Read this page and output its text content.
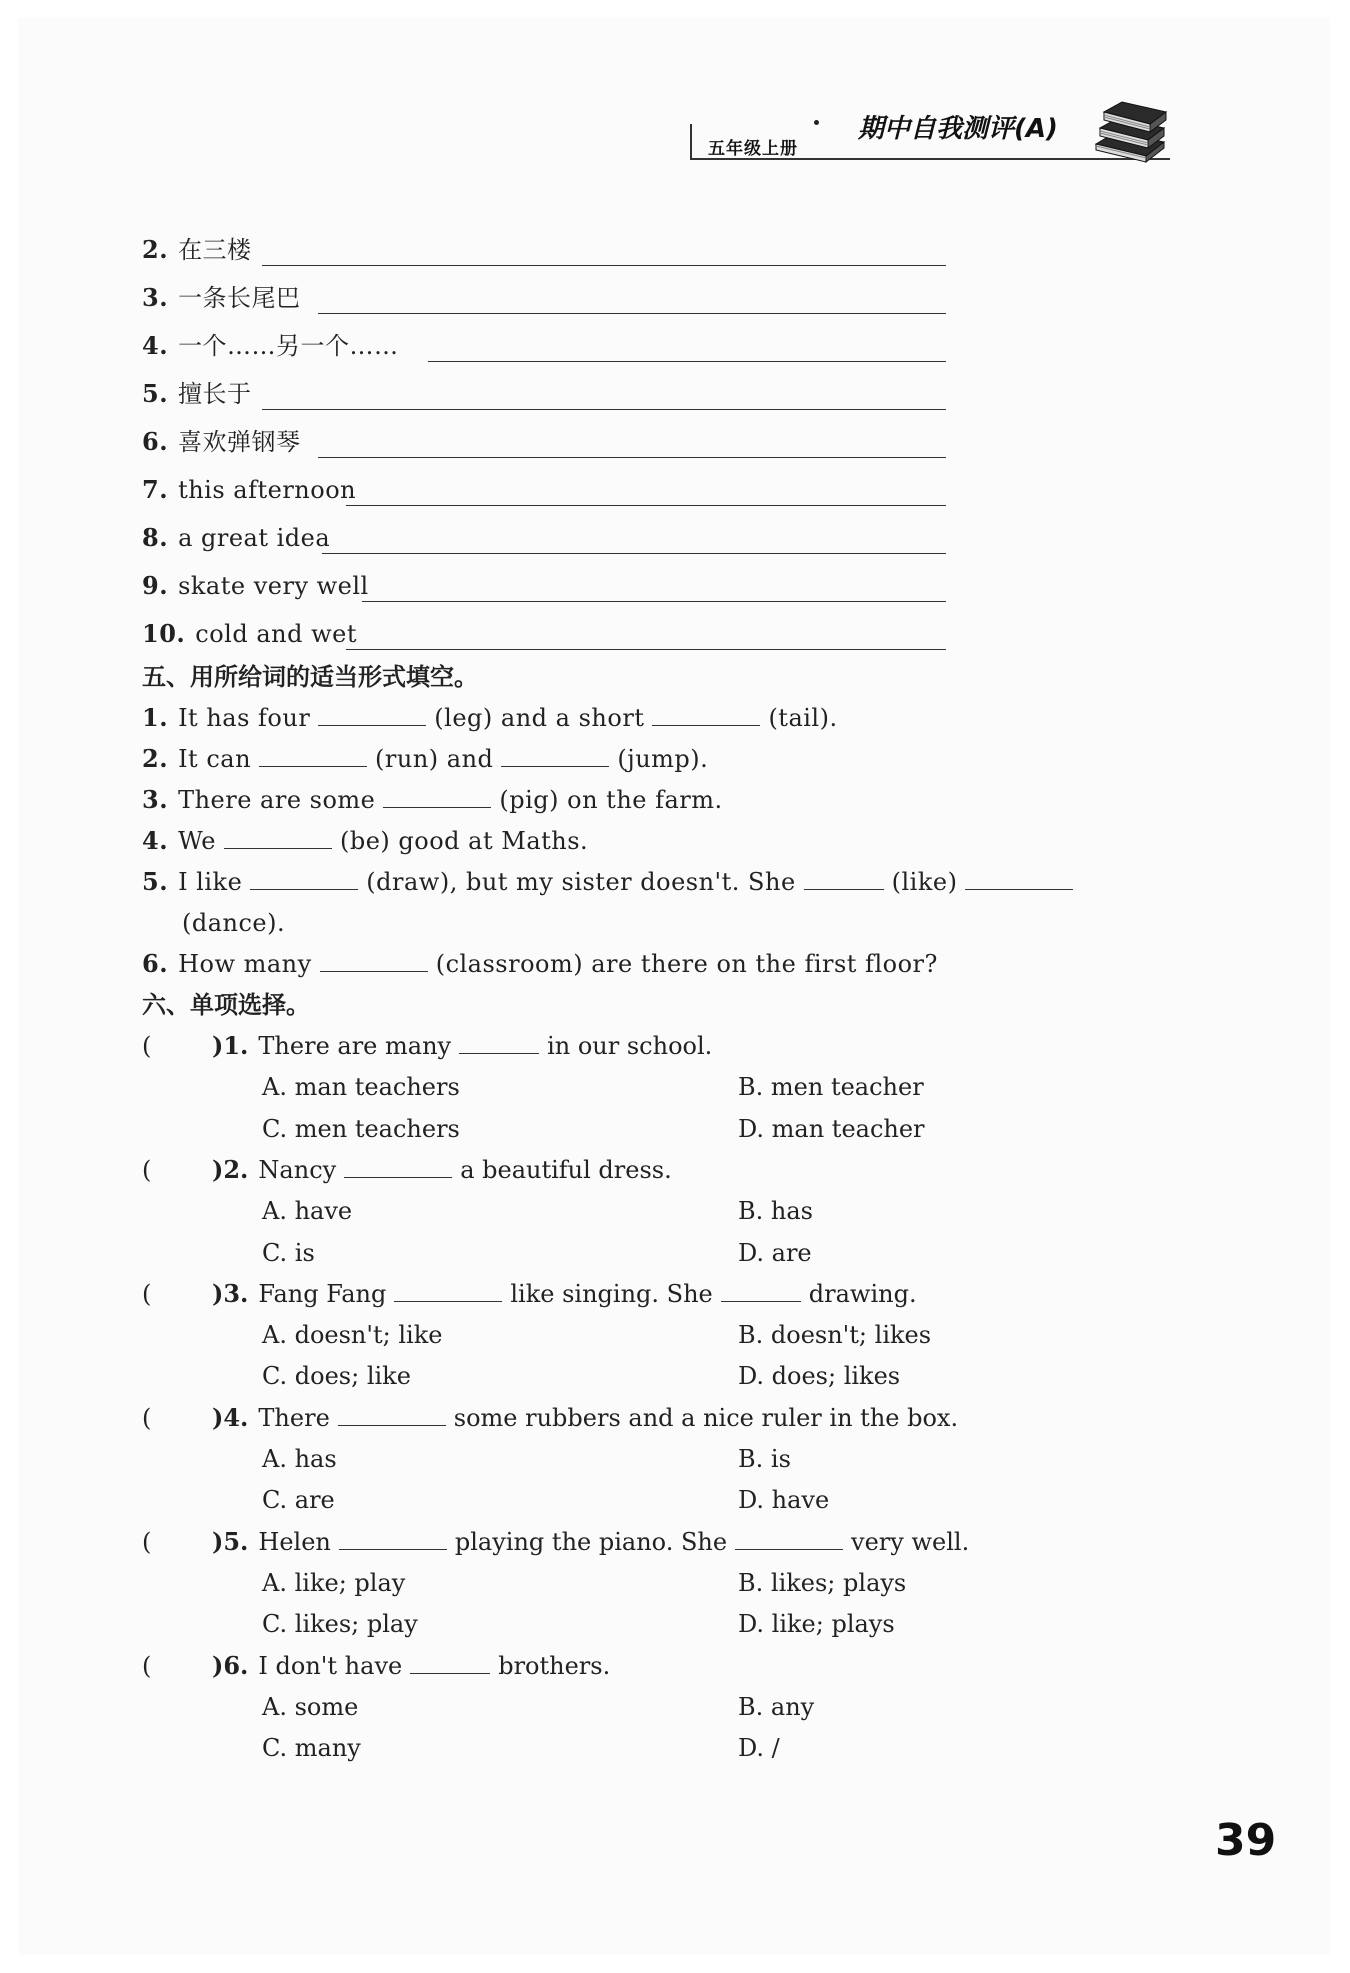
五年级上册
期中自我测评(A)
2. 在三楼
3. 一条长尾巴
4. 一个……另一个……
5. 擅长于
6. 喜欢弹钢琴
7. this afternoon
8. a great idea
9. skate very well
10. cold and wet
五、用所给词的适当形式填空。
1. It has four	(leg) and a short	(tail).
2. It can	(run) and	(jump).
3. There are some	(pig) on the farm.
4. We	(be) good at Maths.
5. I like	(draw), but my sister doesn't. She	(like)
(dance).
6. How many	(classroom) are there on the first floor?
六、单项选择。
(	)1. There are many	in our school.
A. man teachers	B. men teacher
C. men teachers	D. man teacher
(	)2. Nancy	a beautiful dress.
A. have	B. has
C. is	D. are
(	)3. Fang Fang	like singing. She	drawing.
A. doesn't; like	B. doesn't; likes
C. does; like	D. does; likes
(	)4. There	some rubbers and a nice ruler in the box.
A. has	B. is
C. are	D. have
(	)5. Helen	playing the piano. She	very well.
A. like; play	B. likes; plays
C. likes; play	D. like; plays
(	)6. I don't have	brothers.
A. some	B. any
C. many	D. /
39
